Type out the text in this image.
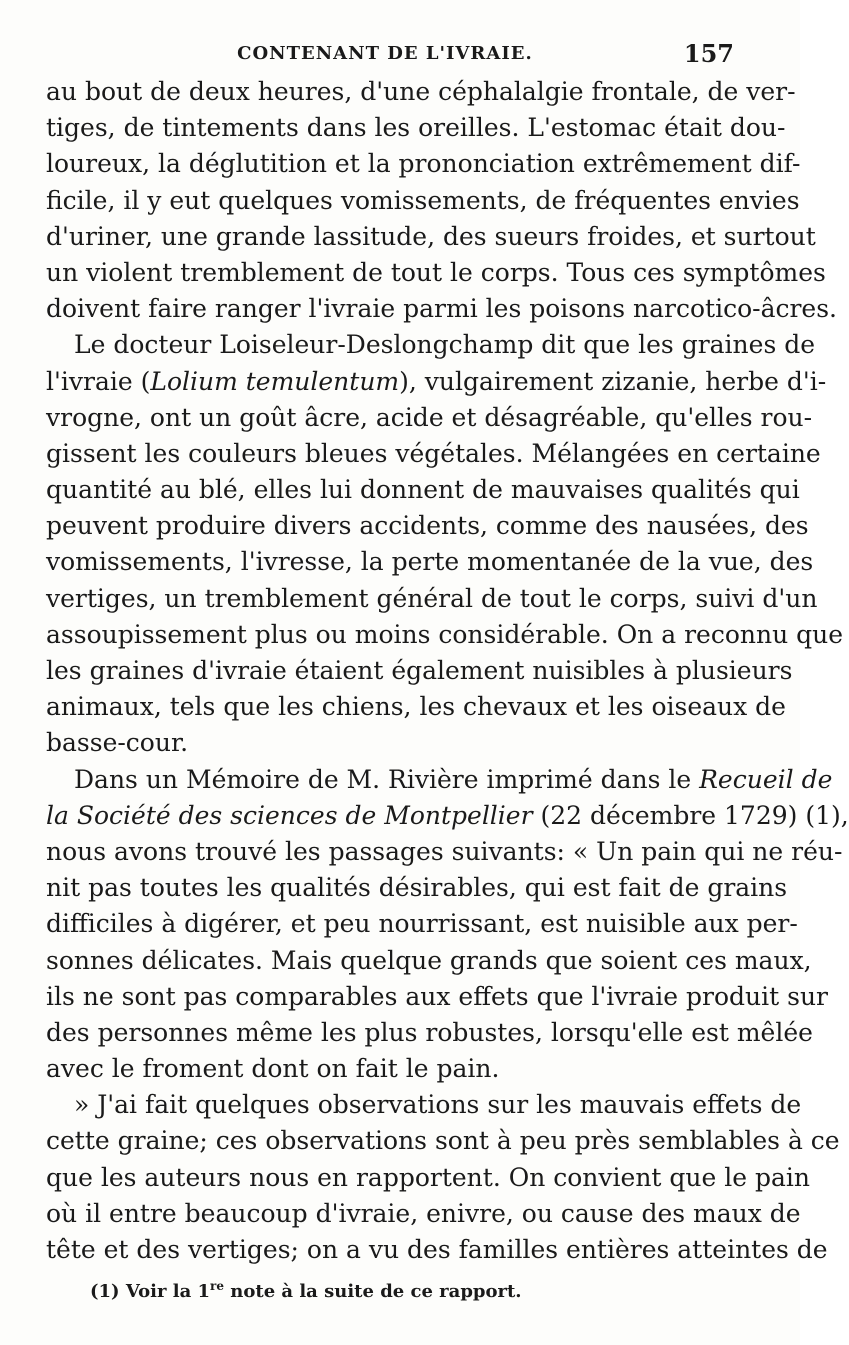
CONTENANT DE L'IVRAIE.	157
au bout de deux heures, d'une céphalalgie frontale, de ver-
tiges, de tintements dans les oreilles. L'estomac était dou-
loureux, la déglutition et la prononciation extrêmement dif-
ficile, il y eut quelques vomissements, de fréquentes envies
d'uriner, une grande lassitude, des sueurs froides, et surtout
un violent tremblement de tout le corps. Tous ces symptômes
doivent faire ranger l'ivraie parmi les poisons narcotico-âcres.
Le docteur Loiseleur-Deslongchamp dit que les graines de
l'ivraie (Lolium temulentum), vulgairement zizanie, herbe d'i-
vrogne, ont un goût âcre, acide et désagréable, qu'elles rou-
gissent les couleurs bleues végétales. Mélangées en certaine
quantité au blé, elles lui donnent de mauvaises qualités qui
peuvent produire divers accidents, comme des nausées, des
vomissements, l'ivresse, la perte momentanée de la vue, des
vertiges, un tremblement général de tout le corps, suivi d'un
assoupissement plus ou moins considérable. On a reconnu que
les graines d'ivraie étaient également nuisibles à plusieurs
animaux, tels que les chiens, les chevaux et les oiseaux de
basse-cour.
Dans un Mémoire de M. Rivière imprimé dans le Recueil de
la Société des sciences de Montpellier (22 décembre 1729) (1),
nous avons trouvé les passages suivants: « Un pain qui ne réu-
nit pas toutes les qualités désirables, qui est fait de grains
difficiles à digérer, et peu nourrissant, est nuisible aux per-
sonnes délicates. Mais quelque grands que soient ces maux,
ils ne sont pas comparables aux effets que l'ivraie produit sur
des personnes même les plus robustes, lorsqu'elle est mêlée
avec le froment dont on fait le pain.
» J'ai fait quelques observations sur les mauvais effets de
cette graine; ces observations sont à peu près semblables à ce
que les auteurs nous en rapportent. On convient que le pain
où il entre beaucoup d'ivraie, enivre, ou cause des maux de
tête et des vertiges; on a vu des familles entières atteintes de
(1) Voir la 1re note à la suite de ce rapport.
